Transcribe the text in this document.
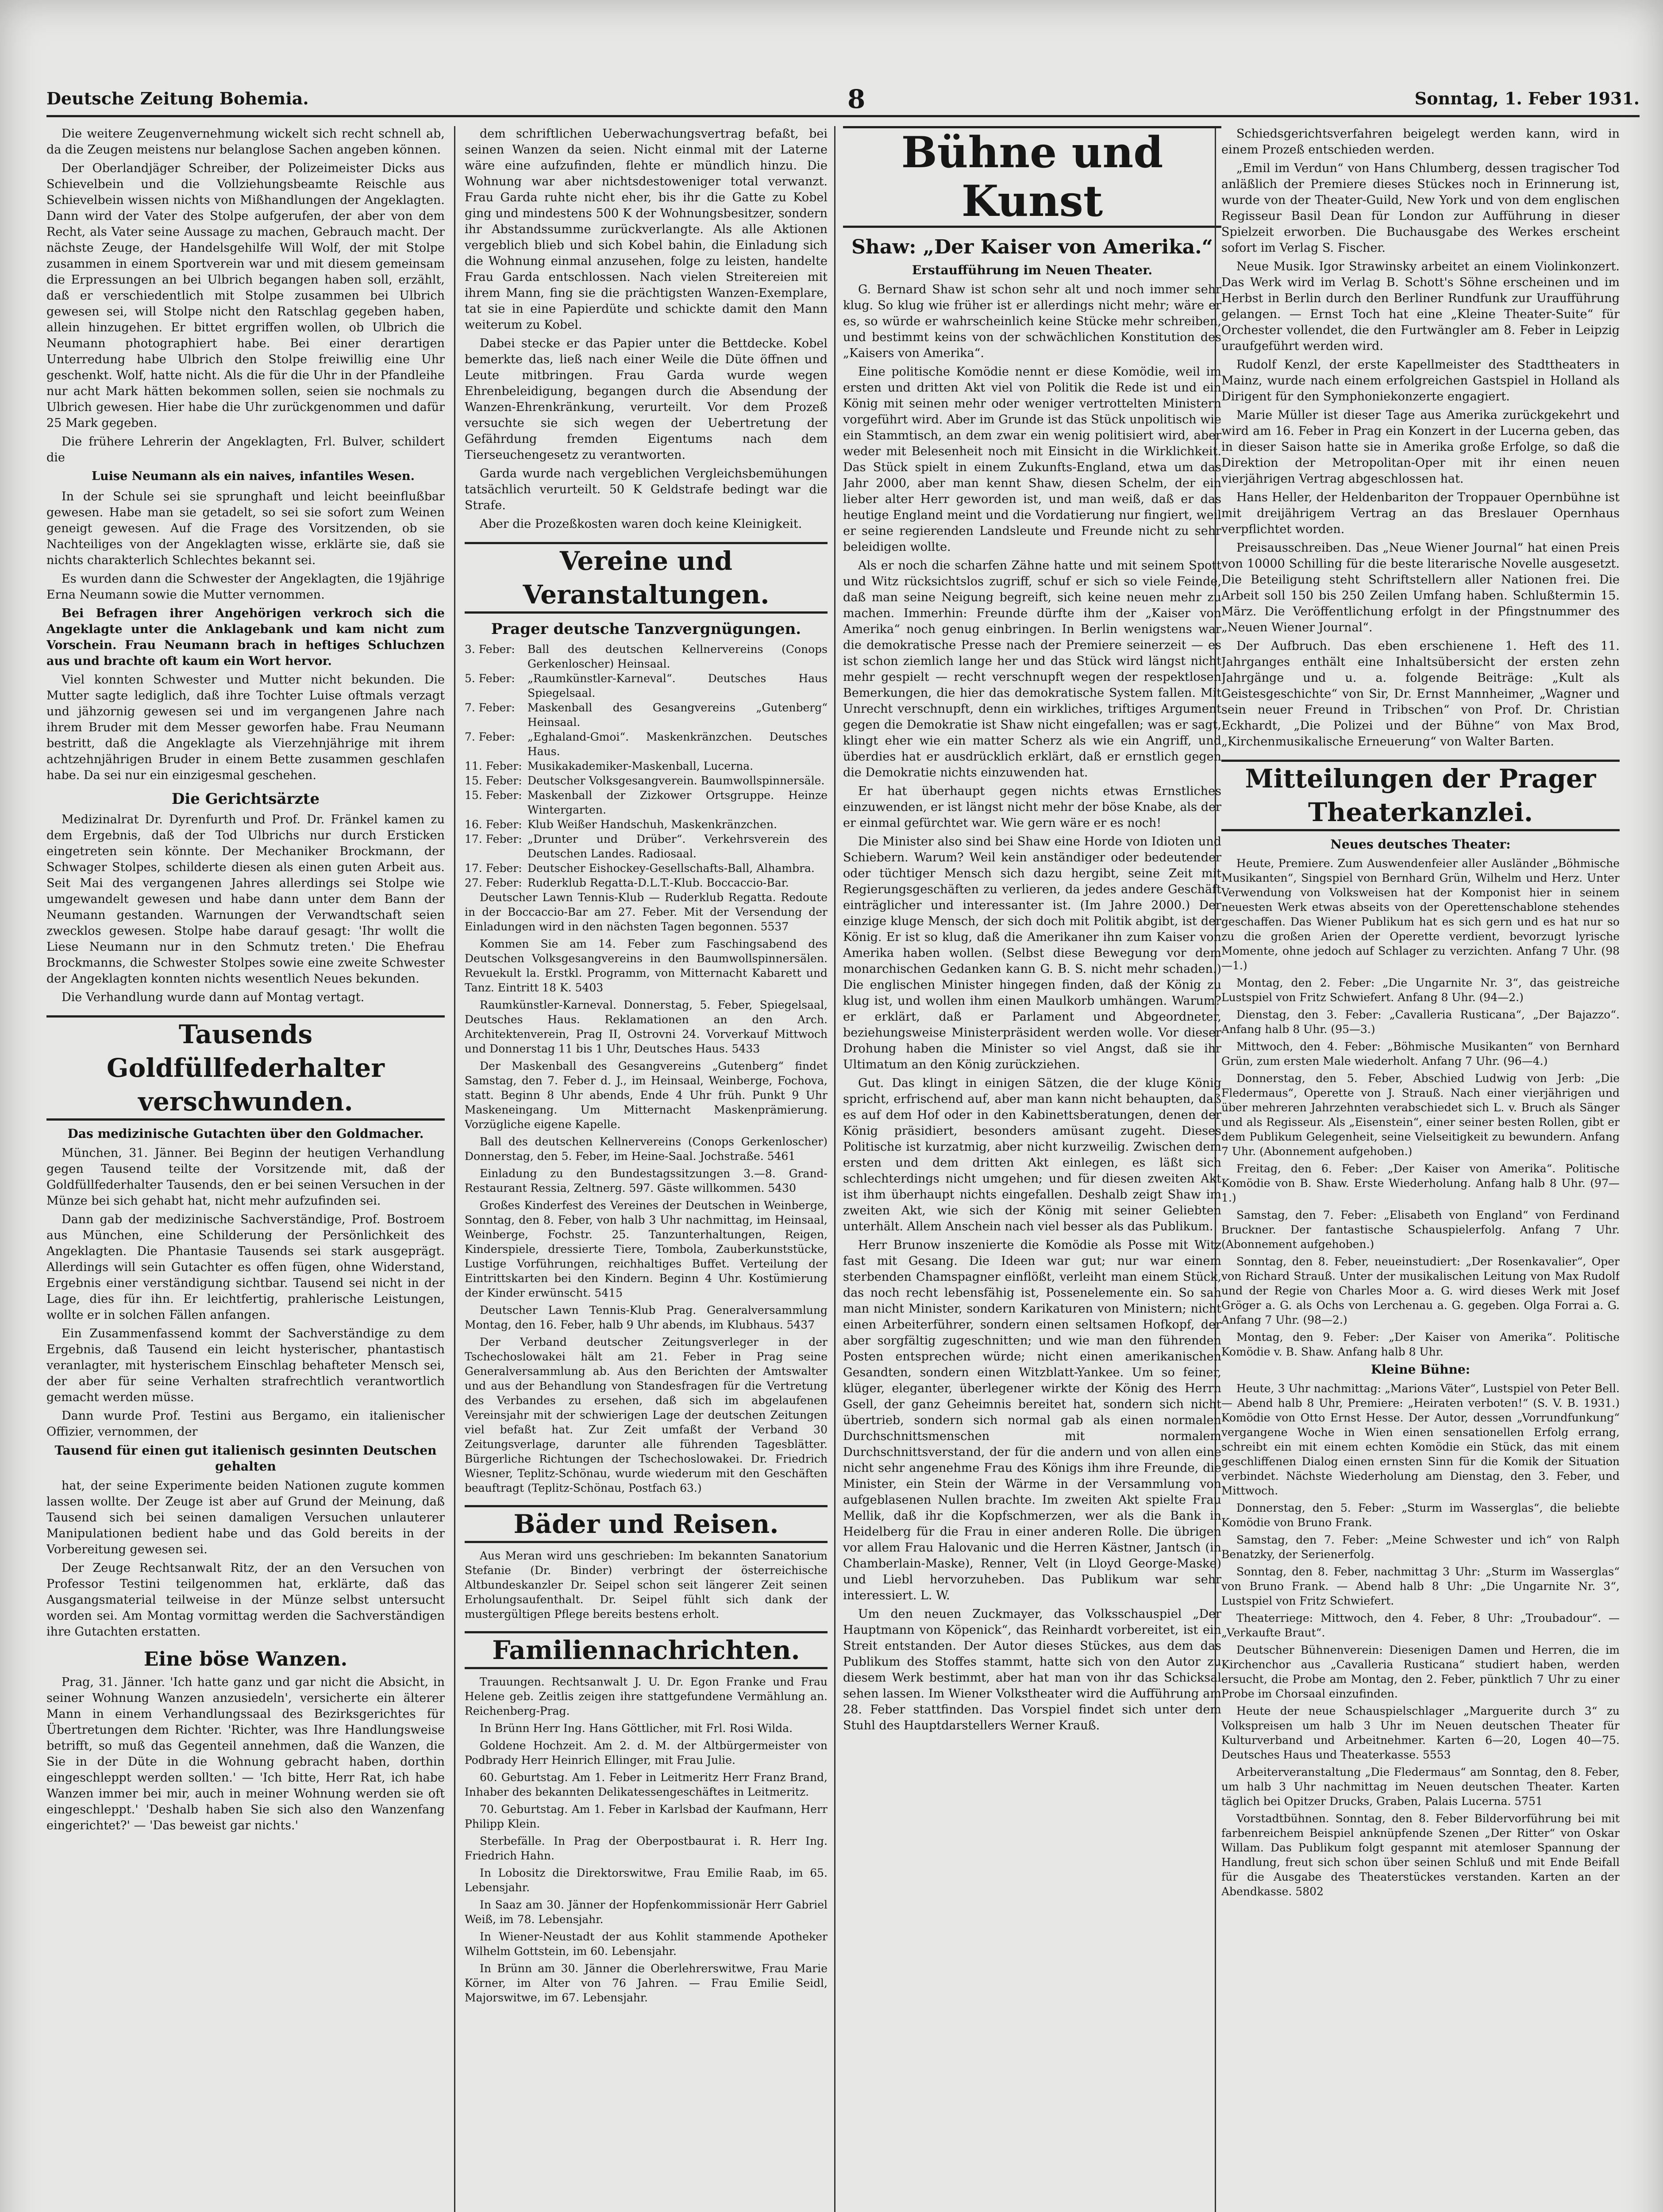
Deutsche Zeitung Bohemia.	8	Sonntag, 1. Feber 1931.

Die weitere Zeugenvernehmung wickelt sich recht schnell ab, da die Zeugen meistens nur belanglose Sachen angeben können.

Der Oberlandjäger Schreiber, der Polizeimeister Dicks aus Schievelbein und die Vollziehungsbeamte Reischle aus Schievelbein wissen nichts von Mißhandlungen der Angeklagten. Dann wird der Vater des Stolpe aufgerufen, der aber von dem Recht, als Vater seine Aussage zu machen, Gebrauch macht. Der nächste Zeuge, der Handelsgehilfe Will Wolf, der mit Stolpe zusammen in einem Sportverein war und mit diesem gemeinsam die Erpressungen an bei Ulbrich begangen haben soll, erzählt, daß er verschiedentlich mit Stolpe zusammen bei Ulbrich gewesen sei, will Stolpe nicht den Ratschlag gegeben haben, allein hinzugehen. Er bittet ergriffen wollen, ob Ulbrich die Neumann photographiert habe. Bei einer derartigen Unterredung habe Ulbrich den Stolpe freiwillig eine Uhr geschenkt. Wolf, hatte nicht. Als die für die Uhr in der Pfandleihe nur acht Mark hätten bekommen sollen, seien sie nochmals zu Ulbrich gewesen. Hier habe die Uhr zurückgenommen und dafür 25 Mark gegeben.

Die frühere Lehrerin der Angeklagten, Frl. Bulver, schildert die

Luise Neumann als ein naives, infantiles Wesen.

In der Schule sei sie sprunghaft und leicht beeinflußbar gewesen. Habe man sie getadelt, so sei sie sofort zum Weinen geneigt gewesen. Auf die Frage des Vorsitzenden, ob sie Nachteiliges von der Angeklagten wisse, erklärte sie, daß sie nichts charakterlich Schlechtes bekannt sei.

Es wurden dann die Schwester der Angeklagten, die 19jährige Erna Neumann sowie die Mutter vernommen.

Bei Befragen ihrer Angehörigen verkroch sich die Angeklagte unter die Anklagebank und kam nicht zum Vorschein. Frau Neumann brach in heftiges Schluchzen aus und brachte oft kaum ein Wort hervor.

Viel konnten Schwester und Mutter nicht bekunden. Die Mutter sagte lediglich, daß ihre Tochter Luise oftmals verzagt und jähzornig gewesen sei und im vergangenen Jahre nach ihrem Bruder mit dem Messer geworfen habe. Frau Neumann bestritt, daß die Angeklagte als Vierzehnjährige mit ihrem achtzehnjährigen Bruder in einem Bette zusammen geschlafen habe. Da sei nur ein einzigesmal geschehen.

Die Gerichtsärzte

Medizinalrat Dr. Dyrenfurth und Prof. Dr. Fränkel kamen zu dem Ergebnis, daß der Tod Ulbrichs nur durch Ersticken eingetreten sein könnte. Der Mechaniker Brockmann, der Schwager Stolpes, schilderte diesen als einen guten Arbeit aus. Seit Mai des vergangenen Jahres allerdings sei Stolpe wie umgewandelt gewesen und habe dann unter dem Bann der Neumann gestanden. Warnungen der Verwandtschaft seien zwecklos gewesen. Stolpe habe darauf gesagt: 'Ihr wollt die Liese Neumann nur in den Schmutz treten.' Die Ehefrau Brockmanns, die Schwester Stolpes sowie eine zweite Schwester der Angeklagten konnten nichts wesentlich Neues bekunden.

Die Verhandlung wurde dann auf Montag vertagt.

Tausends Goldfüllfederhalter verschwunden.
Das medizinische Gutachten über den Goldmacher.

München, 31. Jänner. Bei Beginn der heutigen Verhandlung gegen Tausend teilte der Vorsitzende mit, daß der Goldfüllfederhalter Tausends, den er bei seinen Versuchen in der Münze bei sich gehabt hat, nicht mehr aufzufinden sei.

Dann gab der medizinische Sachverständige, Prof. Bostroem aus München, eine Schilderung der Persönlichkeit des Angeklagten. Die Phantasie Tausends sei stark ausgeprägt. Allerdings will sein Gutachter es offen fügen, ohne Widerstand, Ergebnis einer verständigung sichtbar. Tausend sei nicht in der Lage, dies für ihn. Er leichtfertig, prahlerische Leistungen, wollte er in solchen Fällen anfangen.

Ein Zusammenfassend kommt der Sachverständige zu dem Ergebnis, daß Tausend ein leicht hysterischer, phantastisch veranlagter, mit hysterischem Einschlag behafteter Mensch sei, der aber für seine Verhalten strafrechtlich verantwortlich gemacht werden müsse.

Dann wurde Prof. Testini aus Bergamo, ein italienischer Offizier, vernommen, der

Tausend für einen gut italienisch gesinnten Deutschen gehalten

hat, der seine Experimente beiden Nationen zugute kommen lassen wollte. Der Zeuge ist aber auf Grund der Meinung, daß Tausend sich bei seinen damaligen Versuchen unlauterer Manipulationen bedient habe und das Gold bereits in der Vorbereitung gewesen sei.

Der Zeuge Rechtsanwalt Ritz, der an den Versuchen von Professor Testini teilgenommen hat, erklärte, daß das Ausgangsmaterial teilweise in der Münze selbst untersucht worden sei. Am Montag vormittag werden die Sachverständigen ihre Gutachten erstatten.

Eine böse Wanzen.

Prag, 31. Jänner. 'Ich hatte ganz und gar nicht die Absicht, in seiner Wohnung Wanzen anzusiedeln', versicherte ein älterer Mann in einem Verhandlungssaal des Bezirksgerichtes für Übertretungen dem Richter. 'Richter, was Ihre Handlungsweise betrifft, so muß das Gegenteil annehmen, daß die Wanzen, die Sie in der Düte in die Wohnung gebracht haben, dorthin eingeschleppt werden sollten.' — 'Ich bitte, Herr Rat, ich habe Wanzen immer bei mir, auch in meiner Wohnung werden sie oft eingeschleppt.' 'Deshalb haben Sie sich also den Wanzenfang eingerichtet?' — 'Das beweist gar nichts.'

dem schriftlichen Ueberwachungsvertrag befaßt, bei seinen Wanzen da seien. Nicht einmal mit der Laterne wäre eine aufzufinden, flehte er mündlich hinzu. Die Wohnung war aber nichtsdestoweniger total verwanzt. Frau Garda ruhte nicht eher, bis ihr die Gatte zu Kobel ging und mindestens 500 K der Wohnungsbesitzer, sondern ihr Abstandssumme zurückverlangte. Als alle Aktionen vergeblich blieb und sich Kobel bahin, die Einladung sich die Wohnung einmal anzusehen, folge zu leisten, handelte Frau Garda entschlossen. Nach vielen Streitereien mit ihrem Mann, fing sie die prächtigsten Wanzen-Exemplare, tat sie in eine Papierdüte und schickte damit den Mann weiterum zu Kobel.

Dabei stecke er das Papier unter die Bettdecke. Kobel bemerkte das, ließ nach einer Weile die Düte öffnen und Leute mitbringen. Frau Garda wurde wegen Ehrenbeleidigung, begangen durch die Absendung der Wanzen-Ehrenkränkung, verurteilt. Vor dem Prozeß versuchte sie sich wegen der Uebertretung der Gefährdung fremden Eigentums nach dem Tierseuchengesetz zu verantworten.

Garda wurde nach vergeblichen Vergleichsbemühungen tatsächlich verurteilt. 50 K Geldstrafe bedingt war die Strafe.

Aber die Prozeßkosten waren doch keine Kleinigkeit.

Vereine und Veranstaltungen.
Prager deutsche Tanzvergnügungen.
3. Feber:	Ball des deutschen Kellnervereins (Conops Gerkenloscher) Heinsaal.
5. Feber:	„Raumkünstler-Karneval“. Deutsches Haus Spiegelsaal.
7. Feber:	Maskenball des Gesangvereins „Gutenberg“ Heinsaal.
7. Feber:	„Eghaland-Gmoi“. Maskenkränzchen. Deutsches Haus.
11. Feber: Musikakademiker-Maskenball, Lucerna.
15. Feber: Deutscher Volksgesangverein. Baumwollspinnersäle.
15. Feber: Maskenball der Zizkower Ortsgruppe. Heinze Wintergarten.
16. Feber: Klub Weißer Handschuh, Maskenkränzchen.
17. Feber: „Drunter und Drüber“. Verkehrsverein des Deutschen Landes. Radiosaal.
17. Feber: Deutscher Eishockey-Gesellschafts-Ball, Alhambra.
27. Feber: Ruderklub Regatta-D.L.T.-Klub. Boccaccio-Bar.

Deutscher Lawn Tennis-Klub — Ruderklub Regatta. Redoute in der Boccaccio-Bar am 27. Feber. Mit der Versendung der Einladungen wird in den nächsten Tagen begonnen. 5537

Kommen Sie am 14. Feber zum Faschingsabend des Deutschen Volksgesangvereins in den Baumwollspinnersälen. Revuekult la. Erstkl. Programm, von Mitternacht Kabarett und Tanz. Eintritt 18 K. 5403

Raumkünstler-Karneval. Donnerstag, 5. Feber, Spiegelsaal, Deutsches Haus. Reklamationen an den Arch. Architektenverein, Prag II, Ostrovni 24. Vorverkauf Mittwoch und Donnerstag 11 bis 1 Uhr, Deutsches Haus. 5433

Der Maskenball des Gesangvereins „Gutenberg“ findet Samstag, den 7. Feber d. J., im Heinsaal, Weinberge, Fochova, statt. Beginn 8 Uhr abends, Ende 4 Uhr früh. Punkt 9 Uhr Maskeneingang. Um Mitternacht Maskenprämierung. Vorzügliche eigene Kapelle.

Ball des deutschen Kellnervereins (Conops Gerkenloscher) Donnerstag, den 5. Feber, im Heine-Saal. Jochstraße. 5461

Einladung zu den Bundestagssitzungen 3.—8. Grand-Restaurant Ressia, Zeltnerg. 597. Gäste willkommen. 5430

Großes Kinderfest des Vereines der Deutschen in Weinberge, Sonntag, den 8. Feber, von halb 3 Uhr nachmittag, im Heinsaal, Weinberge, Fochstr. 25. Tanzunterhaltungen, Reigen, Kinderspiele, dressierte Tiere, Tombola, Zauberkunststücke, Lustige Vorführungen, reichhaltiges Buffet. Verteilung der Eintrittskarten bei den Kindern. Beginn 4 Uhr. Kostümierung der Kinder erwünscht. 5415

Deutscher Lawn Tennis-Klub Prag. Generalversammlung Montag, den 16. Feber, halb 9 Uhr abends, im Klubhaus. 5437

Der Verband deutscher Zeitungsverleger in der Tschechoslowakei hält am 21. Feber in Prag seine Generalversammlung ab. Aus den Berichten der Amtswalter und aus der Behandlung von Standesfragen für die Vertretung des Verbandes zu ersehen, daß sich im abgelaufenen Vereinsjahr mit der schwierigen Lage der deutschen Zeitungen viel befaßt hat. Zur Zeit umfaßt der Verband 30 Zeitungsverlage, darunter alle führenden Tagesblätter. Bürgerliche Richtungen der Tschechoslowakei. Dr. Friedrich Wiesner, Teplitz-Schönau, wurde wiederum mit den Geschäften beauftragt (Teplitz-Schönau, Postfach 63.)

Bäder und Reisen.

Aus Meran wird uns geschrieben: Im bekannten Sanatorium Stefanie (Dr. Binder) verbringt der österreichische Altbundeskanzler Dr. Seipel schon seit längerer Zeit seinen Erholungsaufenthalt. Dr. Seipel fühlt sich dank der mustergültigen Pflege bereits bestens erholt.

Familiennachrichten.

Trauungen. Rechtsanwalt J. U. Dr. Egon Franke und Frau Helene geb. Zeitlis zeigen ihre stattgefundene Vermählung an. Reichenberg-Prag.

In Brünn Herr Ing. Hans Göttlicher, mit Frl. Rosi Wilda.

Goldene Hochzeit. Am 2. d. M. der Altbürgermeister von Podbrady Herr Heinrich Ellinger, mit Frau Julie.

60. Geburtstag. Am 1. Feber in Leitmeritz Herr Franz Brand, Inhaber des bekannten Delikatessengeschäftes in Leitmeritz.

70. Geburtstag. Am 1. Feber in Karlsbad der Kaufmann, Herr Philipp Klein.

Sterbefälle. In Prag der Oberpostbaurat i. R. Herr Ing. Friedrich Hahn.

In Lobositz die Direktorswitwe, Frau Emilie Raab, im 65. Lebensjahr.

In Saaz am 30. Jänner der Hopfenkommissionär Herr Gabriel Weiß, im 78. Lebensjahr.

In Wiener-Neustadt der aus Kohlit stammende Apotheker Wilhelm Gottstein, im 60. Lebensjahr.

In Brünn am 30. Jänner die Oberlehrerswitwe, Frau Marie Körner, im Alter von 76 Jahren. — Frau Emilie Seidl, Majorswitwe, im 67. Lebensjahr.

Bühne und Kunst
Shaw: „Der Kaiser von Amerika.“
Erstaufführung im Neuen Theater.

G. Bernard Shaw ist schon sehr alt und noch immer sehr klug. So klug wie früher ist er allerdings nicht mehr; wäre er es, so würde er wahrscheinlich keine Stücke mehr schreiben, und bestimmt keins von der schwächlichen Konstitution des „Kaisers von Amerika“.

Eine politische Komödie nennt er diese Komödie, weil im ersten und dritten Akt viel von Politik die Rede ist und ein König mit seinen mehr oder weniger vertrottelten Ministern vorgeführt wird. Aber im Grunde ist das Stück unpolitisch wie ein Stammtisch, an dem zwar ein wenig politisiert wird, aber weder mit Belesenheit noch mit Einsicht in die Wirklichkeit. Das Stück spielt in einem Zukunfts-England, etwa um das Jahr 2000, aber man kennt Shaw, diesen Schelm, der ein lieber alter Herr geworden ist, und man weiß, daß er das heutige England meint und die Vordatierung nur fingiert, weil er seine regierenden Landsleute und Freunde nicht zu sehr beleidigen wollte.

Als er noch die scharfen Zähne hatte und mit seinem Spott und Witz rücksichtslos zugriff, schuf er sich so viele Feinde, daß man seine Neigung begreift, sich keine neuen mehr zu machen. Immerhin: Freunde dürfte ihm der „Kaiser von Amerika“ noch genug einbringen. In Berlin wenigstens war die demokratische Presse nach der Premiere seinerzeit — es ist schon ziemlich lange her und das Stück wird längst nicht mehr gespielt — recht verschnupft wegen der respektlosen Bemerkungen, die hier das demokratische System fallen. Mit Unrecht verschnupft, denn ein wirkliches, triftiges Argument gegen die Demokratie ist Shaw nicht eingefallen; was er sagt, klingt eher wie ein matter Scherz als wie ein Angriff, und überdies hat er ausdrücklich erklärt, daß er ernstlich gegen die Demokratie nichts einzuwenden hat.

Er hat überhaupt gegen nichts etwas Ernstliches einzuwenden, er ist längst nicht mehr der böse Knabe, als der er einmal gefürchtet war. Wie gern wäre er es noch!

Die Minister also sind bei Shaw eine Horde von Idioten und Schiebern. Warum? Weil kein anständiger oder bedeutender oder tüchtiger Mensch sich dazu hergibt, seine Zeit mit Regierungsgeschäften zu verlieren, da jedes andere Geschäft einträglicher und interessanter ist. (Im Jahre 2000.) Der einzige kluge Mensch, der sich doch mit Politik abgibt, ist der König. Er ist so klug, daß die Amerikaner ihn zum Kaiser von Amerika haben wollen. (Selbst diese Bewegung vor dem monarchischen Gedanken kann G. B. S. nicht mehr schaden.) Die englischen Minister hingegen finden, daß der König zu klug ist, und wollen ihm einen Maulkorb umhängen. Warum? er erklärt, daß er Parlament und Abgeordneter, beziehungsweise Ministerpräsident werden wolle. Vor dieser Drohung haben die Minister so viel Angst, daß sie ihr Ultimatum an den König zurückziehen.

Gut. Das klingt in einigen Sätzen, die der kluge König spricht, erfrischend auf, aber man kann nicht behaupten, daß es auf dem Hof oder in den Kabinettsberatungen, denen der König präsidiert, besonders amüsant zugeht. Dieses Politische ist kurzatmig, aber nicht kurzweilig. Zwischen dem ersten und dem dritten Akt einlegen, es läßt sich schlechterdings nicht umgehen; und für diesen zweiten Akt ist ihm überhaupt nichts eingefallen. Deshalb zeigt Shaw im zweiten Akt, wie sich der König mit seiner Geliebten unterhält. Allem Anschein nach viel besser als das Publikum.

Herr Brunow inszenierte die Komödie als Posse mit Witz fast mit Gesang. Die Ideen war gut; nur war einem sterbenden Chamspagner einflößt, verleiht man einem Stück, das noch recht lebensfähig ist, Possenelemente ein. So sah man nicht Minister, sondern Karikaturen von Ministern; nicht einen Arbeiterführer, sondern einen seltsamen Hofkopf, der aber sorgfältig zugeschnitten; und wie man den führenden Posten entsprechen würde; nicht einen amerikanischen Gesandten, sondern einen Witzblatt-Yankee. Um so feiner, klüger, eleganter, überlegener wirkte der König des Herrn Gsell, der ganz Geheimnis bereitet hat, sondern sich nicht übertrieb, sondern sich normal gab als einen normalen Durchschnittsmenschen mit normalem Durchschnittsverstand, der für die andern und von allen eine nicht sehr angenehme Frau des Königs ihm ihre Freunde, die Minister, ein Stein der Wärme in der Versammlung von aufgeblasenen Nullen brachte. Im zweiten Akt spielte Frau Mellik, daß ihr die Kopfschmerzen, wer als die Bank in Heidelberg für die Frau in einer anderen Rolle. Die übrigen vor allem Frau Halovanic und die Herren Kästner, Jantsch (in Chamberlain-Maske), Renner, Velt (in Lloyd George-Maske) und Liebl hervorzuheben. Das Publikum war sehr interessiert. L. W.

Um den neuen Zuckmayer, das Volksschauspiel „Der Hauptmann von Köpenick“, das Reinhardt vorbereitet, ist ein Streit entstanden. Der Autor dieses Stückes, aus dem das Publikum des Stoffes stammt, hatte sich von den Autor zu diesem Werk bestimmt, aber hat man von ihr das Schicksal sehen lassen. Im Wiener Volkstheater wird die Aufführung am 28. Feber stattfinden. Das Vorspiel findet sich unter dem Stuhl des Hauptdarstellers Werner Krauß.

Schiedsgerichtsverfahren beigelegt werden kann, wird in einem Prozeß entschieden werden.

„Emil im Verdun“ von Hans Chlumberg, dessen tragischer Tod anläßlich der Premiere dieses Stückes noch in Erinnerung ist, wurde von der Theater-Guild, New York und von dem englischen Regisseur Basil Dean für London zur Aufführung in dieser Spielzeit erworben. Die Buchausgabe des Werkes erscheint sofort im Verlag S. Fischer.

Neue Musik. Igor Strawinsky arbeitet an einem Violinkonzert. Das Werk wird im Verlag B. Schott's Söhne erscheinen und im Herbst in Berlin durch den Berliner Rundfunk zur Uraufführung gelangen. — Ernst Toch hat eine „Kleine Theater-Suite“ für Orchester vollendet, die den Furtwängler am 8. Feber in Leipzig uraufgeführt werden wird.

Rudolf Kenzl, der erste Kapellmeister des Stadttheaters in Mainz, wurde nach einem erfolgreichen Gastspiel in Holland als Dirigent für den Symphoniekonzerte engagiert.

Marie Müller ist dieser Tage aus Amerika zurückgekehrt und wird am 16. Feber in Prag ein Konzert in der Lucerna geben, das in dieser Saison hatte sie in Amerika große Erfolge, so daß die Direktion der Metropolitan-Oper mit ihr einen neuen vierjährigen Vertrag abgeschlossen hat.

Hans Heller, der Heldenbariton der Troppauer Opernbühne ist mit dreijährigem Vertrag an das Breslauer Opernhaus verpflichtet worden.

Preisausschreiben. Das „Neue Wiener Journal“ hat einen Preis von 10000 Schilling für die beste literarische Novelle ausgesetzt. Die Beteiligung steht Schriftstellern aller Nationen frei. Die Arbeit soll 150 bis 250 Zeilen Umfang haben. Schlußtermin 15. März. Die Veröffentlichung erfolgt in der Pfingstnummer des „Neuen Wiener Journal“.

Der Aufbruch. Das eben erschienene 1. Heft des 11. Jahrganges enthält eine Inhaltsübersicht der ersten zehn Jahrgänge und u. a. folgende Beiträge: „Kult als Geistesgeschichte“ von Sir, Dr. Ernst Mannheimer, „Wagner und sein neuer Freund in Tribschen“ von Prof. Dr. Christian Eckhardt, „Die Polizei und der Bühne“ von Max Brod, „Kirchenmusikalische Erneuerung“ von Walter Barten.

Mitteilungen der Prager Theaterkanzlei.
Neues deutsches Theater:

Heute, Premiere. Zum Auswendenfeier aller Ausländer „Böhmische Musikanten“, Singspiel von Bernhard Grün, Wilhelm und Herz. Unter Verwendung von Volksweisen hat der Komponist hier in seinem neuesten Werk etwas abseits von der Operettenschablone stehendes geschaffen. Das Wiener Publikum hat es sich gern und es hat nur so zu die großen Arien der Operette verdient, bevorzugt lyrische Momente, ohne jedoch auf Schlager zu verzichten. Anfang 7 Uhr. (98—1.)

Montag, den 2. Feber: „Die Ungarnite Nr. 3“, das geistreiche Lustspiel von Fritz Schwiefert. Anfang 8 Uhr. (94—2.)

Dienstag, den 3. Feber: „Cavalleria Rusticana“, „Der Bajazzo“. Anfang halb 8 Uhr. (95—3.)

Mittwoch, den 4. Feber: „Böhmische Musikanten“ von Bernhard Grün, zum ersten Male wiederholt. Anfang 7 Uhr. (96—4.)

Donnerstag, den 5. Feber, Abschied Ludwig von Jerb: „Die Fledermaus“, Operette von J. Strauß. Nach einer vierjährigen und über mehreren Jahrzehnten verabschiedet sich L. v. Bruch als Sänger und als Regisseur. Als „Eisenstein“, einer seiner besten Rollen, gibt er dem Publikum Gelegenheit, seine Vielseitigkeit zu bewundern. Anfang 7 Uhr. (Abonnement aufgehoben.)

Freitag, den 6. Feber: „Der Kaiser von Amerika“. Politische Komödie von B. Shaw. Erste Wiederholung. Anfang halb 8 Uhr. (97—1.)

Samstag, den 7. Feber: „Elisabeth von England“ von Ferdinand Bruckner. Der fantastische Schauspielerfolg. Anfang 7 Uhr. (Abonnement aufgehoben.)

Sonntag, den 8. Feber, neueinstudiert: „Der Rosenkavalier“, Oper von Richard Strauß. Unter der musikalischen Leitung von Max Rudolf und der Regie von Charles Moor a. G. wird dieses Werk mit Josef Gröger a. G. als Ochs von Lerchenau a. G. gegeben. Olga Forrai a. G. Anfang 7 Uhr. (98—2.)

Montag, den 9. Feber: „Der Kaiser von Amerika“. Politische Komödie v. B. Shaw. Anfang halb 8 Uhr.

Kleine Bühne:

Heute, 3 Uhr nachmittag: „Marions Väter“, Lustspiel von Peter Bell. — Abend halb 8 Uhr, Premiere: „Heiraten verboten!“ (S. V. B. 1931.) Komödie von Otto Ernst Hesse. Der Autor, dessen „Vorrundfunkung“ vergangene Woche in Wien einen sensationellen Erfolg errang, schreibt ein mit einem echten Komödie ein Stück, das mit einem geschliffenen Dialog einen ernsten Sinn für die Komik der Situation verbindet. Nächste Wiederholung am Dienstag, den 3. Feber, und Mittwoch.

Donnerstag, den 5. Feber: „Sturm im Wasserglas“, die beliebte Komödie von Bruno Frank.

Samstag, den 7. Feber: „Meine Schwester und ich“ von Ralph Benatzky, der Serienerfolg.

Sonntag, den 8. Feber, nachmittag 3 Uhr: „Sturm im Wasserglas“ von Bruno Frank. — Abend halb 8 Uhr: „Die Ungarnite Nr. 3“, Lustspiel von Fritz Schwiefert.

Theaterriege: Mittwoch, den 4. Feber, 8 Uhr: „Troubadour“. — „Verkaufte Braut“.

Deutscher Bühnenverein: Diesenigen Damen und Herren, die im Kirchenchor aus „Cavalleria Rusticana“ studiert haben, werden ersucht, die Probe am Montag, den 2. Feber, pünktlich 7 Uhr zu einer Probe im Chorsaal einzufinden.

Heute der neue Schauspielschlager „Marguerite durch 3“ zu Volkspreisen um halb 3 Uhr im Neuen deutschen Theater für Kulturverband und Arbeitnehmer. Karten 6—20, Logen 40—75. Deutsches Haus und Theaterkasse. 5553

Arbeiterveranstaltung „Die Fledermaus“ am Sonntag, den 8. Feber, um halb 3 Uhr nachmittag im Neuen deutschen Theater. Karten täglich bei Opitzer Drucks, Graben, Palais Lucerna. 5751

Vorstadtbühnen. Sonntag, den 8. Feber Bildervorführung bei mit farbenreichem Beispiel anknüpfende Szenen „Der Ritter“ von Oskar Willam. Das Publikum folgt gespannt mit atemloser Spannung der Handlung, freut sich schon über seinen Schluß und mit Ende Beifall für die Ausgabe des Theaterstückes verstanden. Karten an der Abendkasse. 5802
